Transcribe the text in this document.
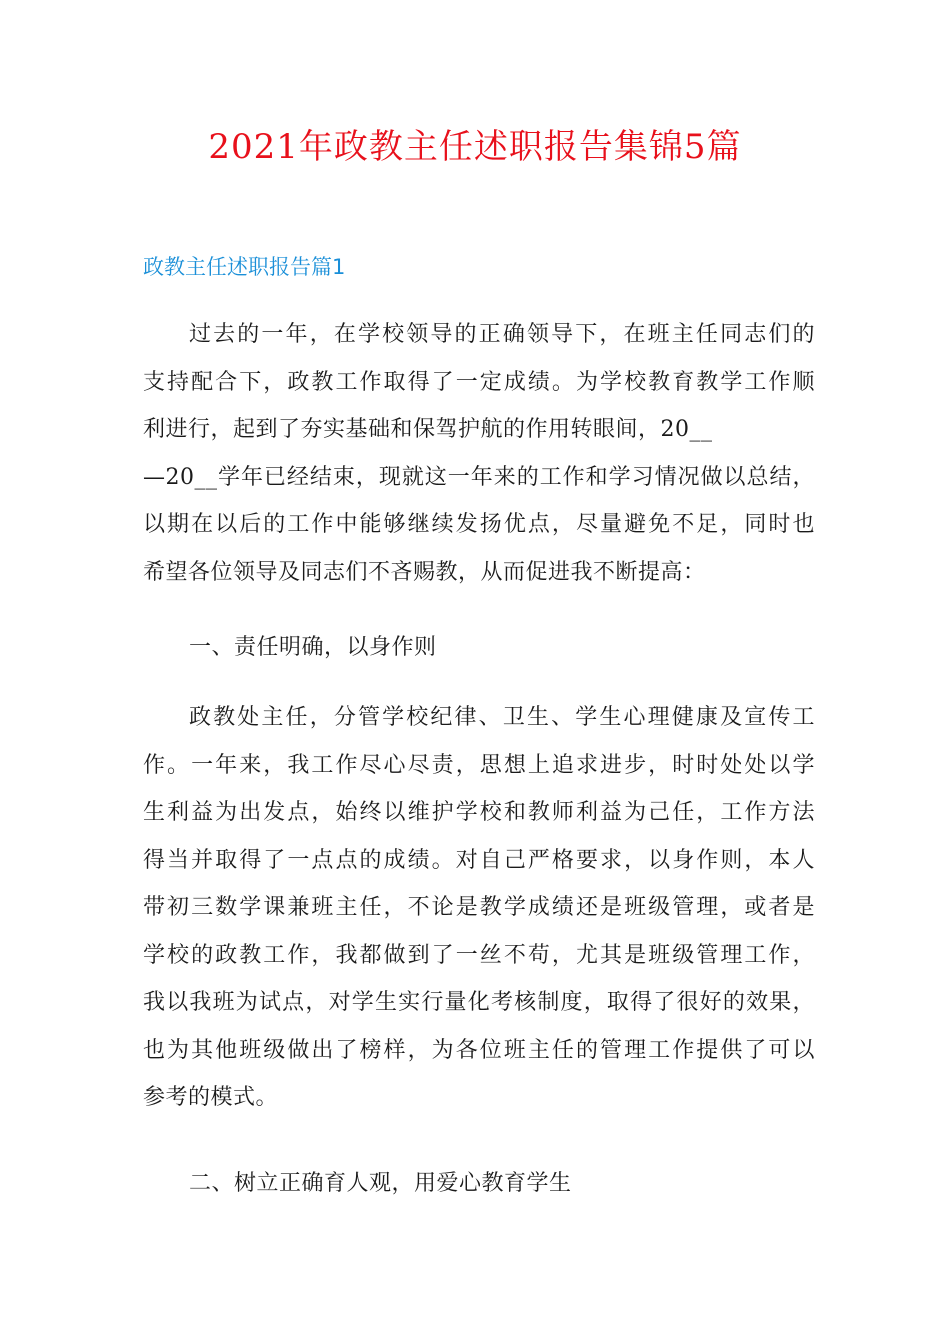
2021年政教主任述职报告集锦5篇
政教主任述职报告篇1
过去的一年，在学校领导的正确领导下，在班主任同志们的
支持配合下，政教工作取得了一定成绩。为学校教育教学工作顺
利进行，起到了夯实基础和保驾护航的作用转眼间，20__
—20__学年已经结束，现就这一年来的工作和学习情况做以总结，
以期在以后的工作中能够继续发扬优点，尽量避免不足，同时也
希望各位领导及同志们不吝赐教，从而促进我不断提高：
一、责任明确，以身作则
政教处主任，分管学校纪律、卫生、学生心理健康及宣传工
作。一年来，我工作尽心尽责，思想上追求进步，时时处处以学
生利益为出发点，始终以维护学校和教师利益为己任，工作方法
得当并取得了一点点的成绩。对自己严格要求，以身作则，本人
带初三数学课兼班主任，不论是教学成绩还是班级管理，或者是
学校的政教工作，我都做到了一丝不苟，尤其是班级管理工作，
我以我班为试点，对学生实行量化考核制度，取得了很好的效果，
也为其他班级做出了榜样，为各位班主任的管理工作提供了可以
参考的模式。
二、树立正确育人观，用爱心教育学生
